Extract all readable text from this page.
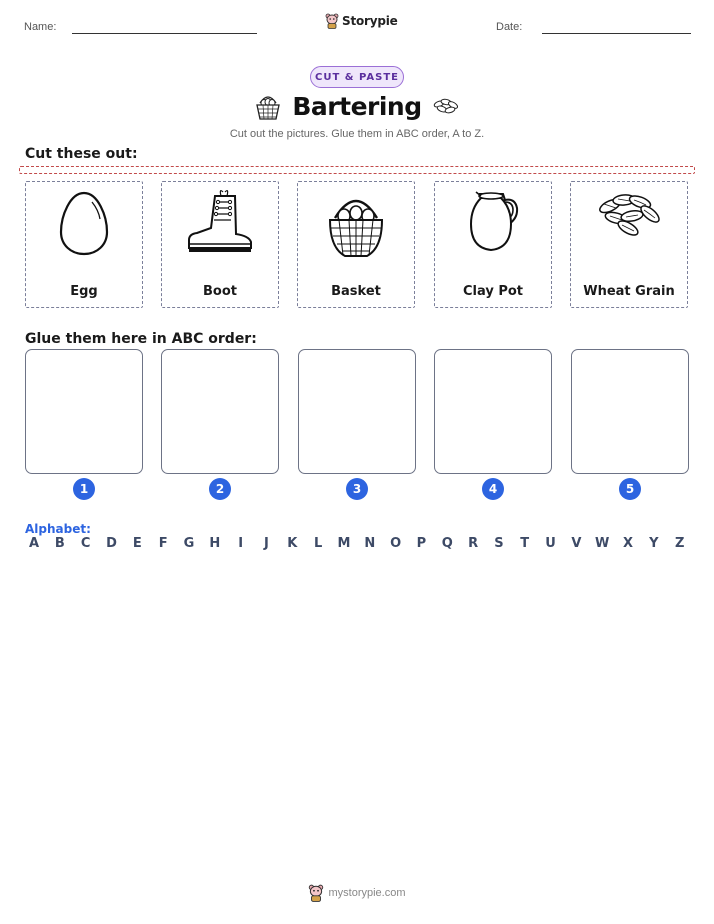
Name:	Storypie	Date:
CUT & PASTE
Bartering
Cut out the pictures. Glue them in ABC order, A to Z.
Cut these out:
Egg	Boot	Basket	Clay Pot	Wheat Grain
Glue them here in ABC order:
1	2	3	4	5
Alphabet:
A	B	C	D	E	F	G H	I	J	K	L	M N O	P	Q	R	S	T	U	V	W	X	Y	Z
mystorypie.com
